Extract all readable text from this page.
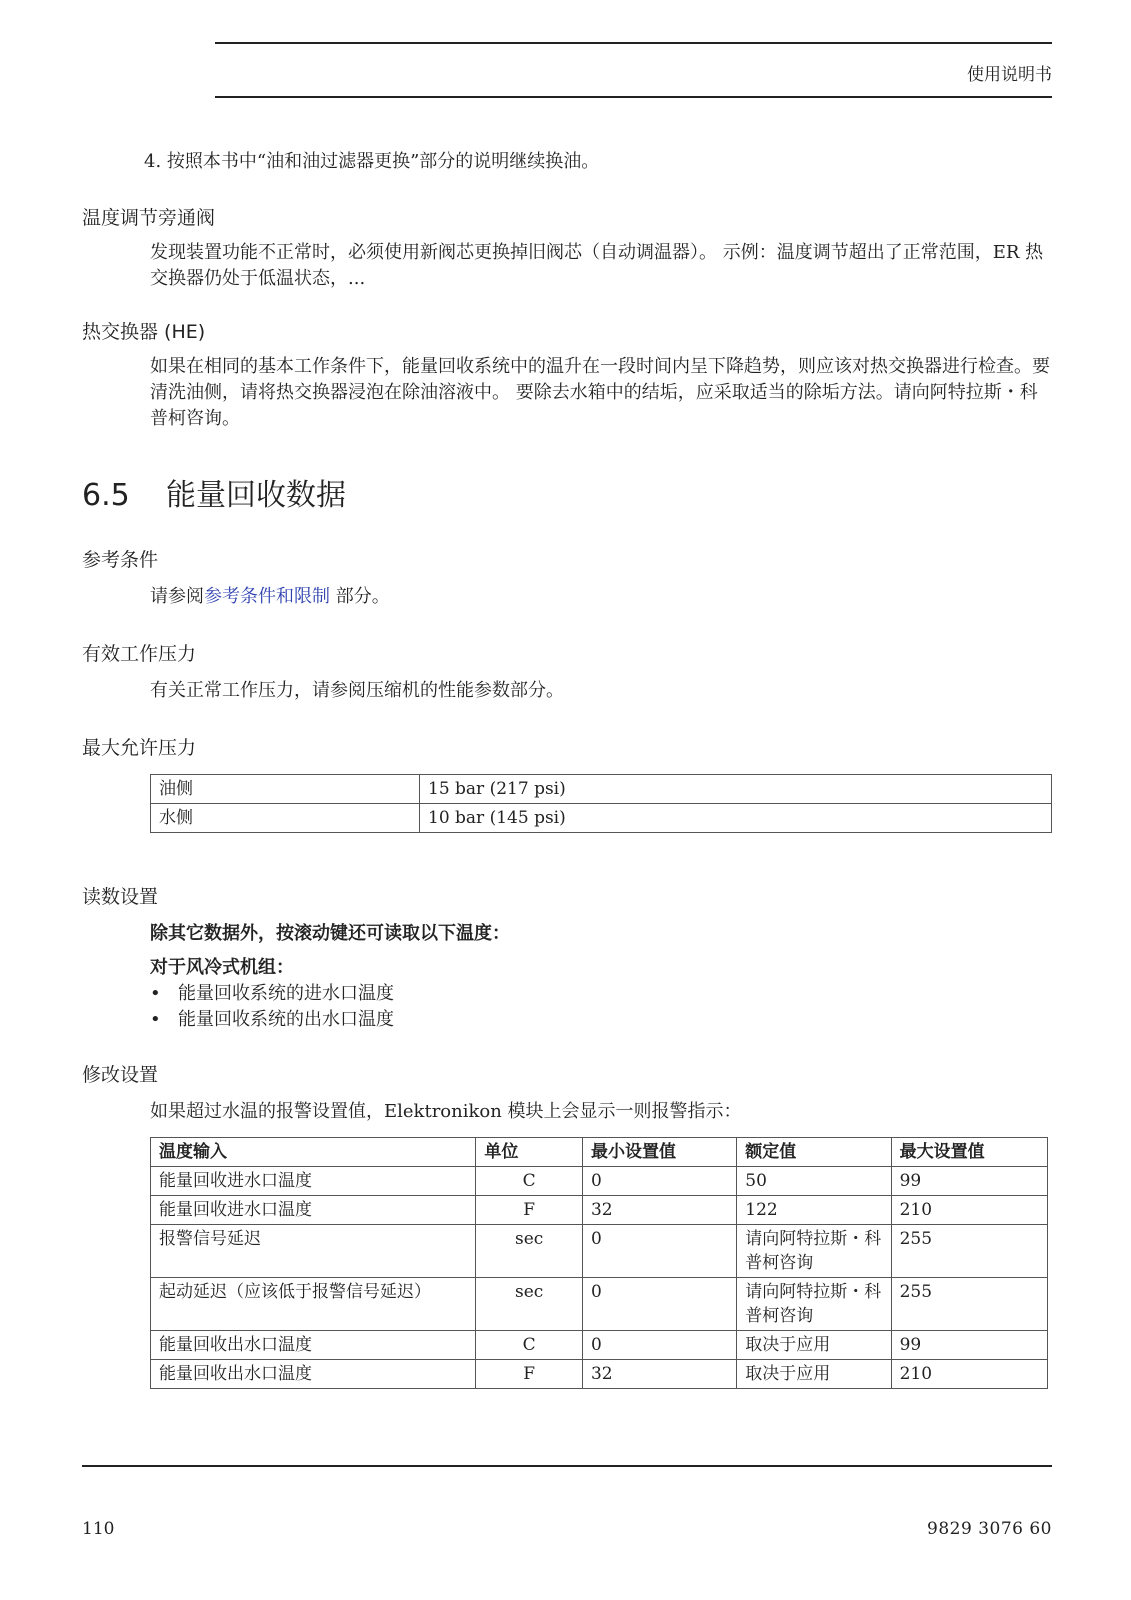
使用说明书
4. 按照本书中“油和油过滤器更换”部分的说明继续换油。
温度调节旁通阀
发现装置功能不正常时，必须使用新阀芯更换掉旧阀芯（自动调温器）。 示例：温度调节超出了正常范围，ER 热交换器仍处于低温状态，...
热交换器 (HE)
如果在相同的基本工作条件下，能量回收系统中的温升在一段时间内呈下降趋势，则应该对热交换器进行检查。要清洗油侧，请将热交换器浸泡在除油溶液中。 要除去水箱中的结垢，应采取适当的除垢方法。请向阿特拉斯・科普柯咨询。
6.5 能量回收数据
参考条件
请参阅参考条件和限制 部分。
有效工作压力
有关正常工作压力，请参阅压缩机的性能参数部分。
最大允许压力
油侧	15 bar (217 psi)
水侧	10 bar (145 psi)
读数设置
除其它数据外，按滚动键还可读取以下温度：
对于风冷式机组：
• 能量回收系统的进水口温度
• 能量回收系统的出水口温度
修改设置
如果超过水温的报警设置值，Elektronikon 模块上会显示一则报警指示：
温度输入	单位	最小设置值	额定值	最大设置值
能量回收进水口温度	C	0	50	99
能量回收进水口温度	F	32	122	210
报警信号延迟	sec	0	请向阿特拉斯・科普柯咨询	255
起动延迟（应该低于报警信号延迟）	sec	0	请向阿特拉斯・科普柯咨询	255
能量回收出水口温度	C	0	取决于应用	99
能量回收出水口温度	F	32	取决于应用	210
110	9829 3076 60
